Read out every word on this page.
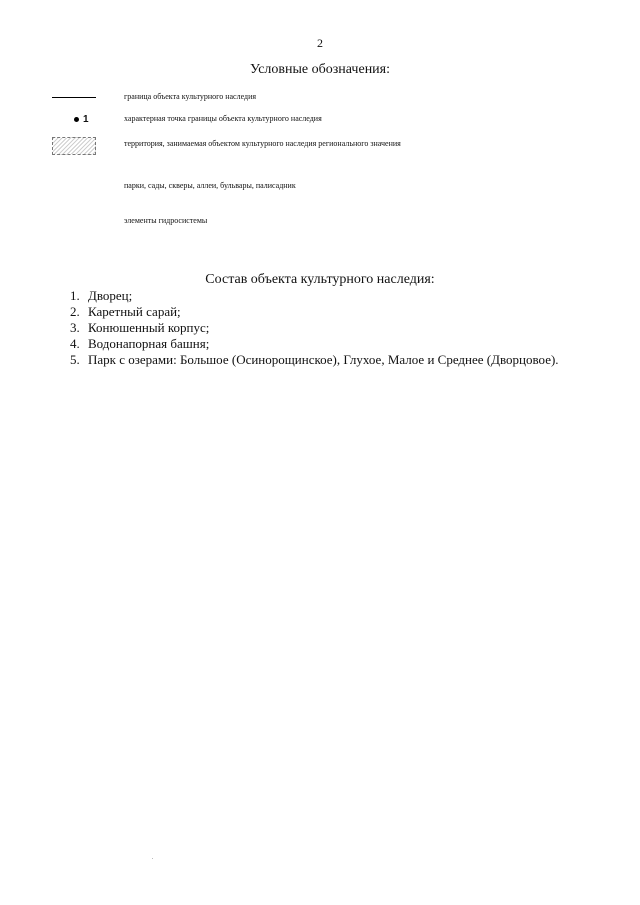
2
Условные обозначения:
граница объекта культурного наследия
1	характерная точка границы объекта культурного наследия
территория, занимаемая объектом культурного наследия регионального значения
парки, сады, скверы, аллеи, бульвары, палисадник
элементы гидросистемы
Состав объекта культурного наследия:
1. Дворец;
2. Каретный сарай;
3. Конюшенный корпус;
4. Водонапорная башня;
5. Парк с озерами: Большое (Осинорощинское), Глухое, Малое и Среднее (Дворцовое).
